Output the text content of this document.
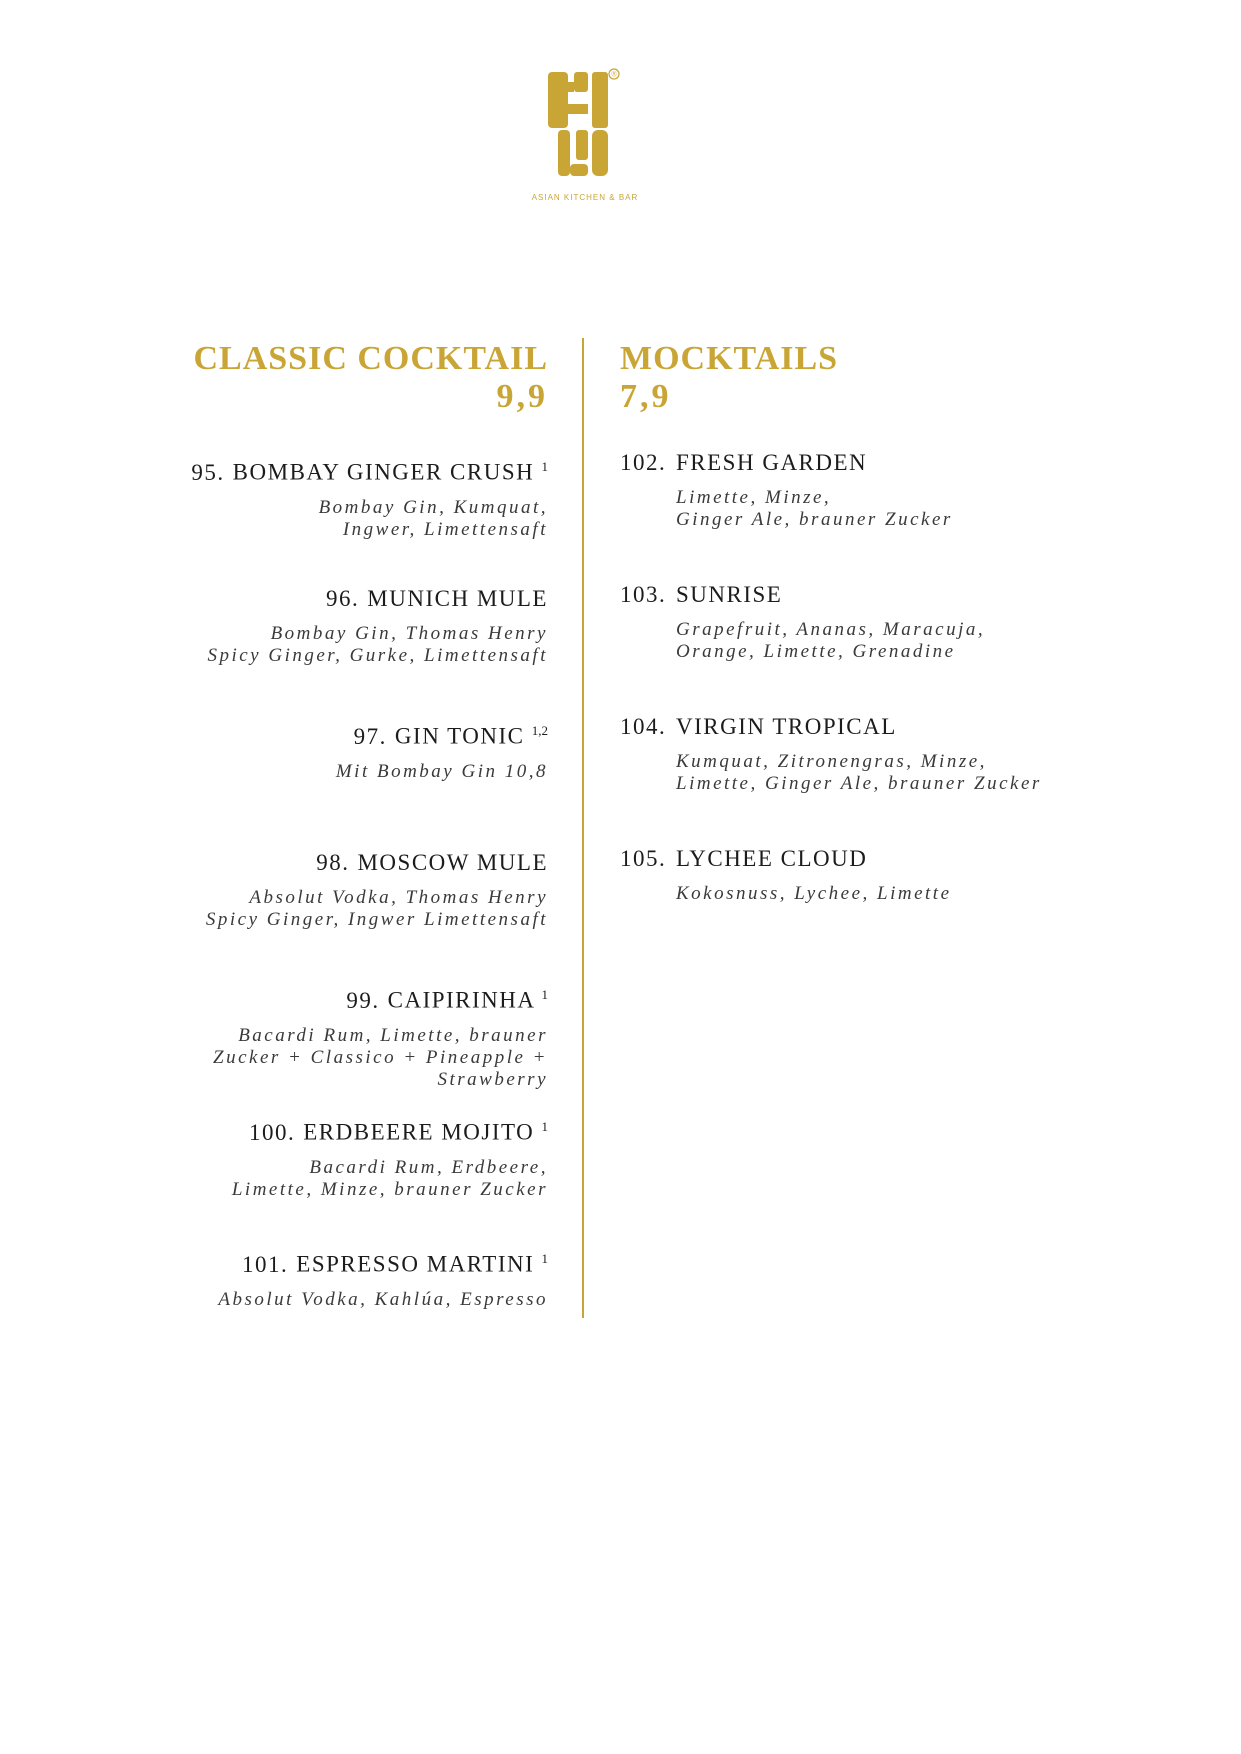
®
ASIAN KITCHEN & BAR
CLASSIC COCKTAIL
9,9
95. BOMBAY GINGER CRUSH $^1$
Bombay Gin, Kumquat,
Ingwer, Limettensaft
96. MUNICH MULE
Bombay Gin, Thomas Henry
Spicy Ginger, Gurke, Limettensaft
97. GIN TONIC $^{1,2}$
Mit Bombay Gin 10,8
98. MOSCOW MULE
Absolut Vodka, Thomas Henry
Spicy Ginger, Ingwer Limettensaft
99. CAIPIRINHA $^1$
Bacardi Rum, Limette, brauner
Zucker + Classico + Pineapple + Strawberry
100. ERDBEERE MOJITO $^1$
Bacardi Rum, Erdbeere,
Limette, Minze, brauner Zucker
101. ESPRESSO MARTINI $^1$
Absolut Vodka, Kahlúa, Espresso
MOCKTAILS
7,9
102. FRESH GARDEN
Limette, Minze,
Ginger Ale, brauner Zucker
103. SUNRISE
Grapefruit, Ananas, Maracuja,
Orange, Limette, Grenadine
104. VIRGIN TROPICAL
Kumquat, Zitronengras, Minze,
Limette, Ginger Ale, brauner Zucker
105. LYCHEE CLOUD
Kokosnuss, Lychee, Limette
